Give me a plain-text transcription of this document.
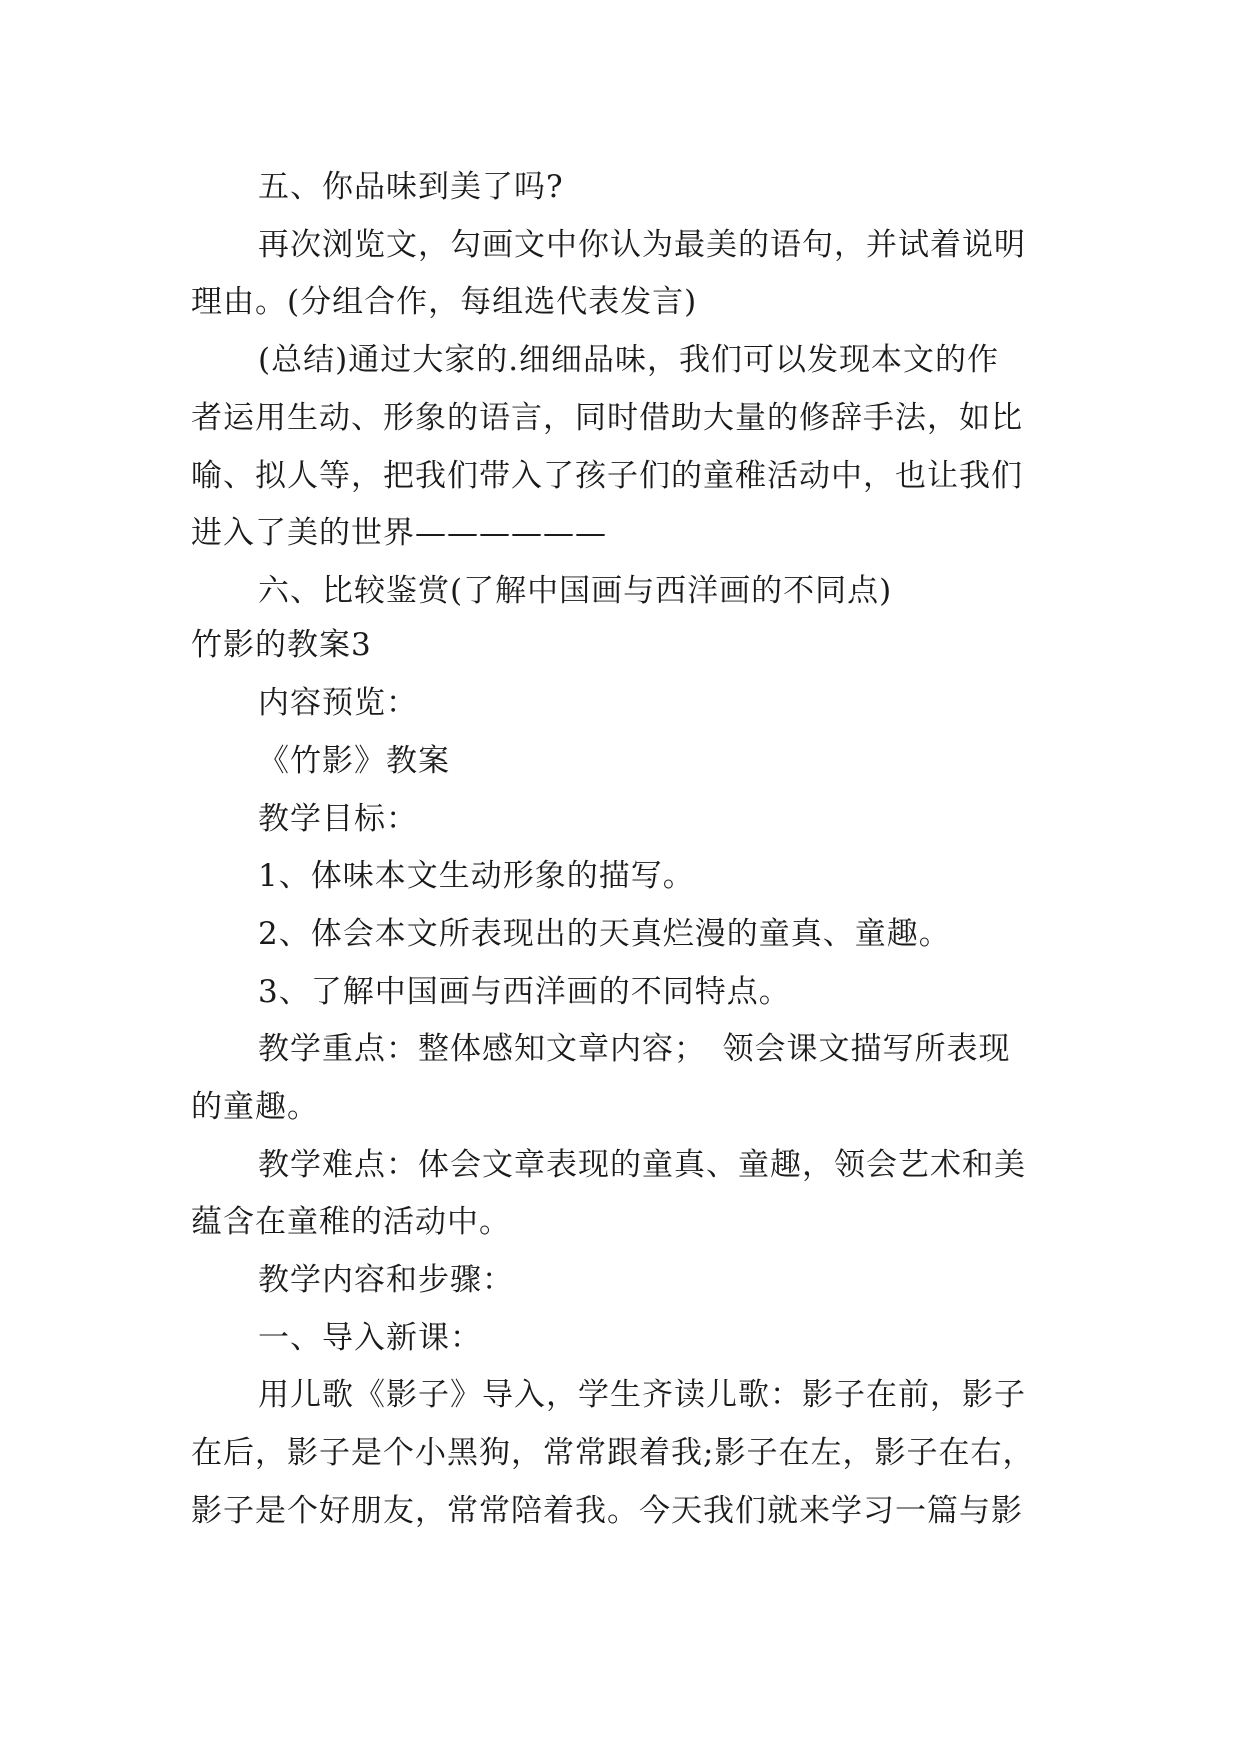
五、你品味到美了吗?
再次浏览文，勾画文中你认为最美的语句，并试着说明
理由。(分组合作，每组选代表发言)
(总结)通过大家的.细细品味，我们可以发现本文的作
者运用生动、形象的语言，同时借助大量的修辞手法，如比
喻、拟人等，把我们带入了孩子们的童稚活动中，也让我们
进入了美的世界——————
六、比较鉴赏(了解中国画与西洋画的不同点)
竹影的教案3
内容预览：
《竹影》教案
教学目标：
1、体味本文生动形象的描写。
2、体会本文所表现出的天真烂漫的童真、童趣。
3、了解中国画与西洋画的不同特点。
教学重点：整体感知文章内容；　领会课文描写所表现
的童趣。
教学难点：体会文章表现的童真、童趣，领会艺术和美
蕴含在童稚的活动中。
教学内容和步骤：
一、导入新课：
用儿歌《影子》导入，学生齐读儿歌：影子在前，影子
在后，影子是个小黑狗，常常跟着我;影子在左，影子在右，
影子是个好朋友，常常陪着我。今天我们就来学习一篇与影
